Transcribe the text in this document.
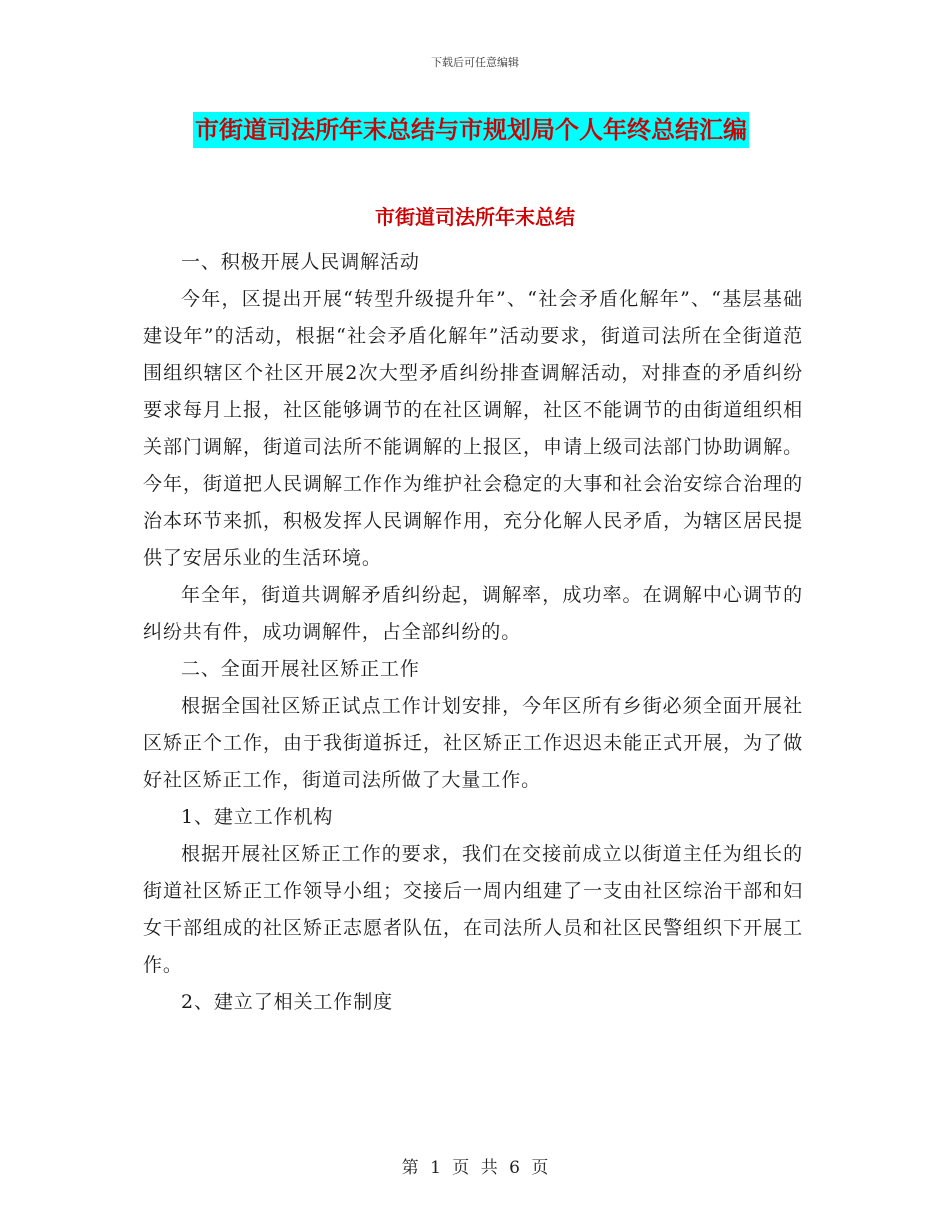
下载后可任意编辑
市街道司法所年末总结与市规划局个人年终总结汇编
市街道司法所年末总结

一、积极开展人民调解活动

今年，区提出开展“转型升级提升年”、“社会矛盾化解年”、“基层基础建设年”的活动，根据“社会矛盾化解年”活动要求，街道司法所在全街道范围组织辖区个社区开展2次大型矛盾纠纷排查调解活动，对排查的矛盾纠纷要求每月上报，社区能够调节的在社区调解，社区不能调节的由街道组织相关部门调解，街道司法所不能调解的上报区，申请上级司法部门协助调解。今年，街道把人民调解工作作为维护社会稳定的大事和社会治安综合治理的治本环节来抓，积极发挥人民调解作用，充分化解人民矛盾，为辖区居民提供了安居乐业的生活环境。

年全年，街道共调解矛盾纠纷起，调解率，成功率。在调解中心调节的纠纷共有件，成功调解件，占全部纠纷的。

二、全面开展社区矫正工作

根据全国社区矫正试点工作计划安排，今年区所有乡街必须全面开展社区矫正个工作，由于我街道拆迁，社区矫正工作迟迟未能正式开展，为了做好社区矫正工作，街道司法所做了大量工作。

1、建立工作机构

根据开展社区矫正工作的要求，我们在交接前成立以街道主任为组长的街道社区矫正工作领导小组；交接后一周内组建了一支由社区综治干部和妇女干部组成的社区矫正志愿者队伍，在司法所人员和社区民警组织下开展工作。

2、建立了相关工作制度

第 1 页 共 6 页
